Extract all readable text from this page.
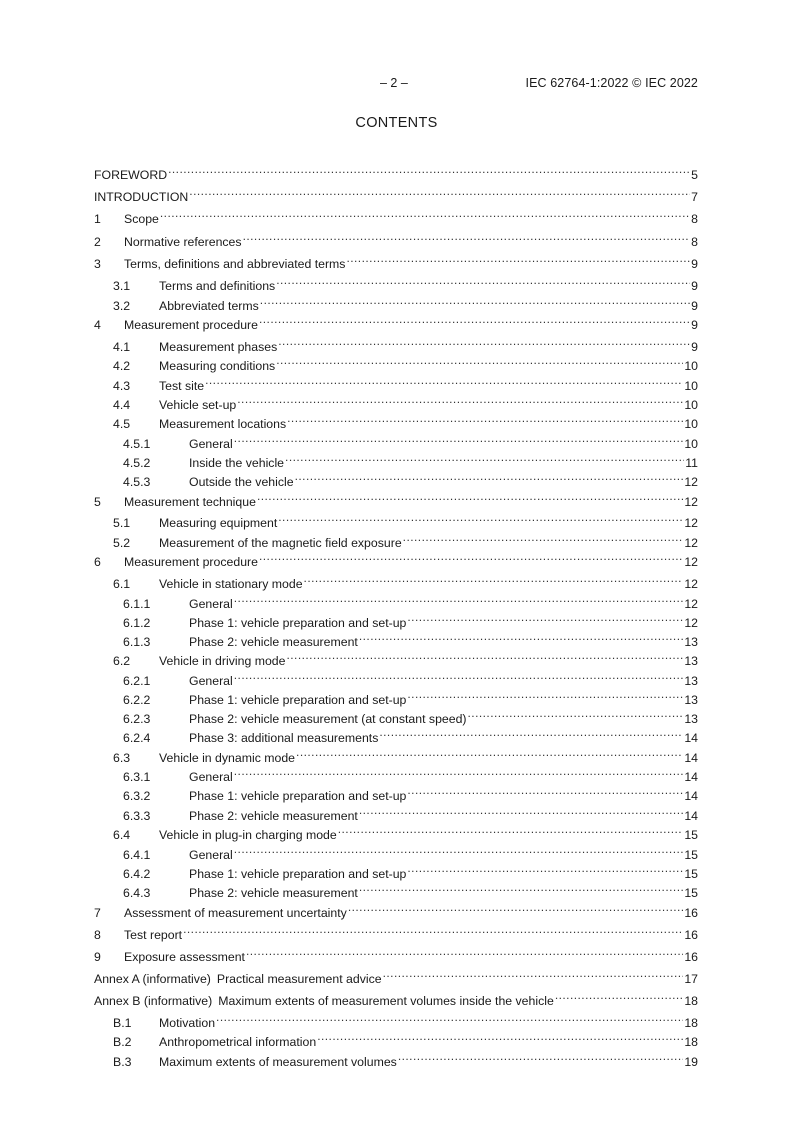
– 2 –	IEC 62764-1:2022 © IEC 2022
CONTENTS
FOREWORD .....	5
INTRODUCTION .....	7
1	Scope .....	8
2	Normative references .....	8
3	Terms, definitions and abbreviated terms .....	9
3.1	Terms and definitions .....	9
3.2	Abbreviated terms .....	9
4	Measurement procedure .....	9
4.1	Measurement phases .....	9
4.2	Measuring conditions .....	10
4.3	Test site .....	10
4.4	Vehicle set-up .....	10
4.5	Measurement locations .....	10
4.5.1	General .....	10
4.5.2	Inside the vehicle .....	11
4.5.3	Outside the vehicle .....	12
5	Measurement technique .....	12
5.1	Measuring equipment .....	12
5.2	Measurement of the magnetic field exposure .....	12
6	Measurement procedure .....	12
6.1	Vehicle in stationary mode .....	12
6.1.1	General .....	12
6.1.2	Phase 1: vehicle preparation and set-up .....	12
6.1.3	Phase 2: vehicle measurement .....	13
6.2	Vehicle in driving mode .....	13
6.2.1	General .....	13
6.2.2	Phase 1: vehicle preparation and set-up .....	13
6.2.3	Phase 2: vehicle measurement (at constant speed) .....	13
6.2.4	Phase 3: additional measurements .....	14
6.3	Vehicle in dynamic mode .....	14
6.3.1	General .....	14
6.3.2	Phase 1: vehicle preparation and set-up .....	14
6.3.3	Phase 2: vehicle measurement .....	14
6.4	Vehicle in plug-in charging mode .....	15
6.4.1	General .....	15
6.4.2	Phase 1: vehicle preparation and set-up .....	15
6.4.3	Phase 2: vehicle measurement .....	15
7	Assessment of measurement uncertainty .....	16
8	Test report .....	16
9	Exposure assessment .....	16
Annex A (informative) Practical measurement advice .....	17
Annex B (informative) Maximum extents of measurement volumes inside the vehicle .....	18
B.1	Motivation .....	18
B.2	Anthropometrical information .....	18
B.3	Maximum extents of measurement volumes .....	19
